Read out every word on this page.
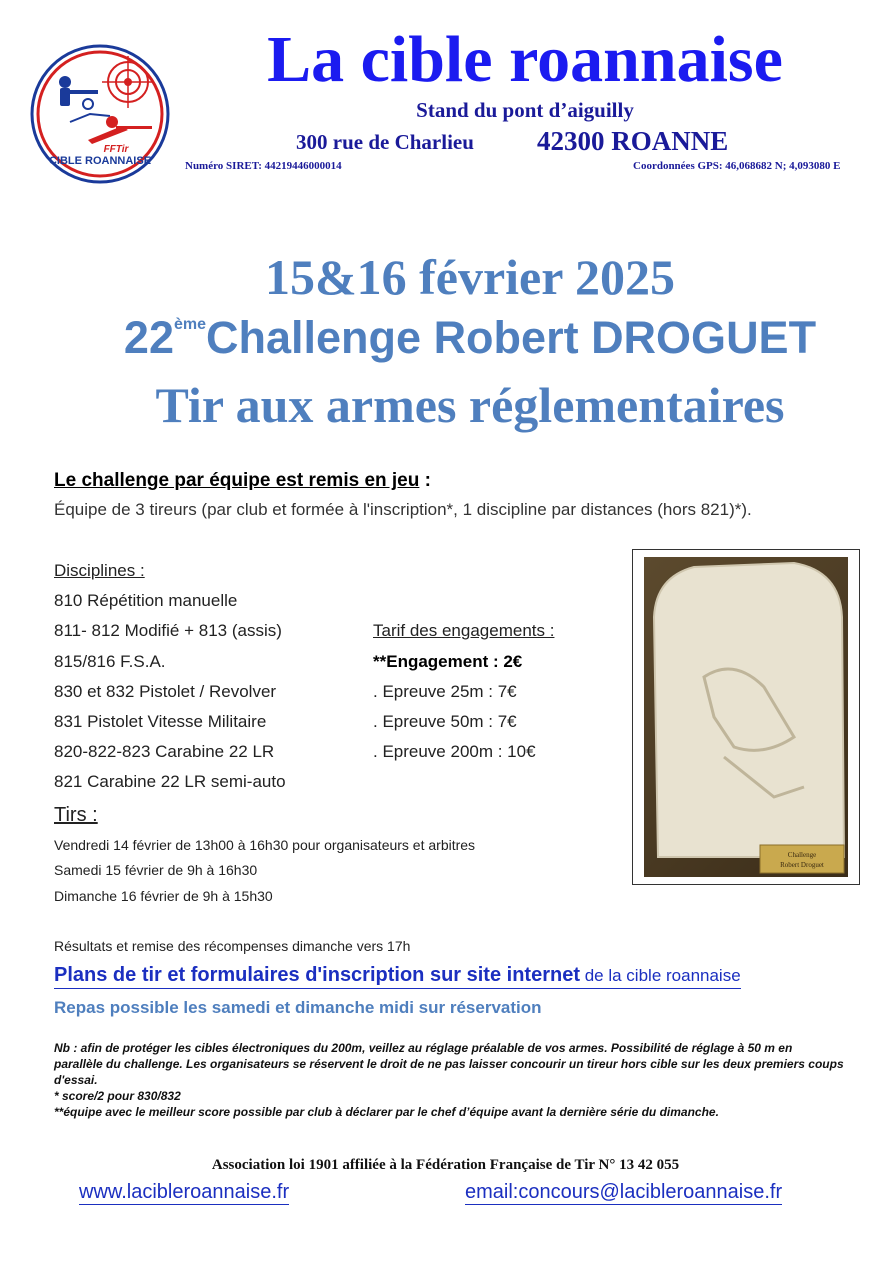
CIBLE ROANNAISE
FFTir
La cible roannaise
Stand du pont d’aiguilly
300 rue de Charlieu 42300 ROANNE
Numéro SIRET: 44219446000014	Coordonnées GPS: 46,068682 N; 4,093080 E
15&16 février 2025
22èmeChallenge Robert DROGUET
Tir aux armes réglementaires
Le challenge par équipe est remis en jeu :
Équipe de 3 tireurs (par club et formée à l'inscription*, 1 discipline par distances (hors 821)*).
Disciplines :
810 Répétition manuelle
811- 812 Modifié + 813 (assis)
815/816 F.S.A.
830 et 832 Pistolet / Revolver
831 Pistolet Vitesse Militaire
820-822-823 Carabine 22 LR
821 Carabine 22 LR semi-auto
Tarif des engagements :
**Engagement : 2€
. Epreuve 25m : 7€
. Epreuve 50m : 7€
. Epreuve 200m : 10€
Challenge
Robert Droguet
Tirs :
Vendredi 14 février de 13h00 à 16h30 pour organisateurs et arbitres
Samedi 15 février de 9h à 16h30
Dimanche 16 février de 9h à 15h30
Résultats et remise des récompenses dimanche vers 17h
Plans de tir et formulaires d'inscription sur site internet de la cible roannaise
Repas possible les samedi et dimanche midi sur réservation
Nb : afin de protéger les cibles électroniques du 200m, veillez au réglage préalable de vos armes. Possibilité de réglage à 50 m en parallèle du challenge. Les organisateurs se réservent le droit de ne pas laisser concourir un tireur hors cible sur les deux premiers coups d'essai.
* score/2 pour 830/832
**équipe avec le meilleur score possible par club à déclarer par le chef d’équipe avant la dernière série du dimanche.
Association loi 1901 affiliée à la Fédération Française de Tir N° 13 42 055
www.lacibleroannaise.fr	email:concours@lacibleroannaise.fr
